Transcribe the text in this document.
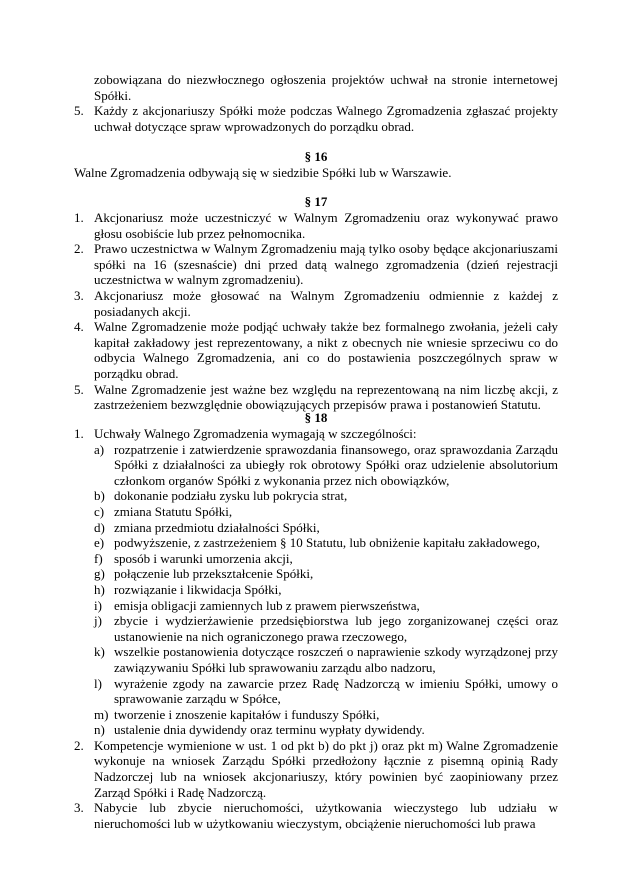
zobowiązana do niezwłocznego ogłoszenia projektów uchwał na stronie internetowej Spółki.
5. Każdy z akcjonariuszy Spółki może podczas Walnego Zgromadzenia zgłaszać projekty uchwał dotyczące spraw wprowadzonych do porządku obrad.
§ 16
Walne Zgromadzenia odbywają się w siedzibie Spółki lub w Warszawie.
§ 17
1. Akcjonariusz może uczestniczyć w Walnym Zgromadzeniu oraz wykonywać prawo głosu osobiście lub przez pełnomocnika.
2. Prawo uczestnictwa w Walnym Zgromadzeniu mają tylko osoby będące akcjonariuszami spółki na 16 (szesnaście) dni przed datą walnego zgromadzenia (dzień rejestracji uczestnictwa w walnym zgromadzeniu).
3. Akcjonariusz może głosować na Walnym Zgromadzeniu odmiennie z każdej z posiadanych akcji.
4. Walne Zgromadzenie może podjąć uchwały także bez formalnego zwołania, jeżeli cały kapitał zakładowy jest reprezentowany, a nikt z obecnych nie wniesie sprzeciwu co do odbycia Walnego Zgromadzenia, ani co do postawienia poszczególnych spraw w porządku obrad.
5. Walne Zgromadzenie jest ważne bez względu na reprezentowaną na nim liczbę akcji, z zastrzeżeniem bezwzględnie obowiązujących przepisów prawa i postanowień Statutu.
§ 18
1. Uchwały Walnego Zgromadzenia wymagają w szczególności:
a) rozpatrzenie i zatwierdzenie sprawozdania finansowego, oraz sprawozdania Zarządu Spółki z działalności za ubiegły rok obrotowy Spółki oraz udzielenie absolutorium członkom organów Spółki z wykonania przez nich obowiązków,
b) dokonanie podziału zysku lub pokrycia strat,
c) zmiana Statutu Spółki,
d) zmiana przedmiotu działalności Spółki,
e) podwyższenie, z zastrzeżeniem § 10 Statutu, lub obniżenie kapitału zakładowego,
f) sposób i warunki umorzenia akcji,
g) połączenie lub przekształcenie Spółki,
h) rozwiązanie i likwidacja Spółki,
i) emisja obligacji zamiennych lub z prawem pierwszeństwa,
j) zbycie i wydzierżawienie przedsiębiorstwa lub jego zorganizowanej części oraz ustanowienie na nich ograniczonego prawa rzeczowego,
k) wszelkie postanowienia dotyczące roszczeń o naprawienie szkody wyrządzonej przy zawiązywaniu Spółki lub sprawowaniu zarządu albo nadzoru,
l) wyrażenie zgody na zawarcie przez Radę Nadzorczą w imieniu Spółki, umowy o sprawowanie zarządu w Spółce,
m) tworzenie i znoszenie kapitałów i funduszy Spółki,
n) ustalenie dnia dywidendy oraz terminu wypłaty dywidendy.
2. Kompetencje wymienione w ust. 1 od pkt b) do pkt j) oraz pkt m) Walne Zgromadzenie wykonuje na wniosek Zarządu Spółki przedłożony łącznie z pisemną opinią Rady Nadzorczej lub na wniosek akcjonariuszy, który powinien być zaopiniowany przez Zarząd Spółki i Radę Nadzorczą.
3. Nabycie lub zbycie nieruchomości, użytkowania wieczystego lub udziału w nieruchomości lub w użytkowaniu wieczystym, obciążenie nieruchomości lub prawa
